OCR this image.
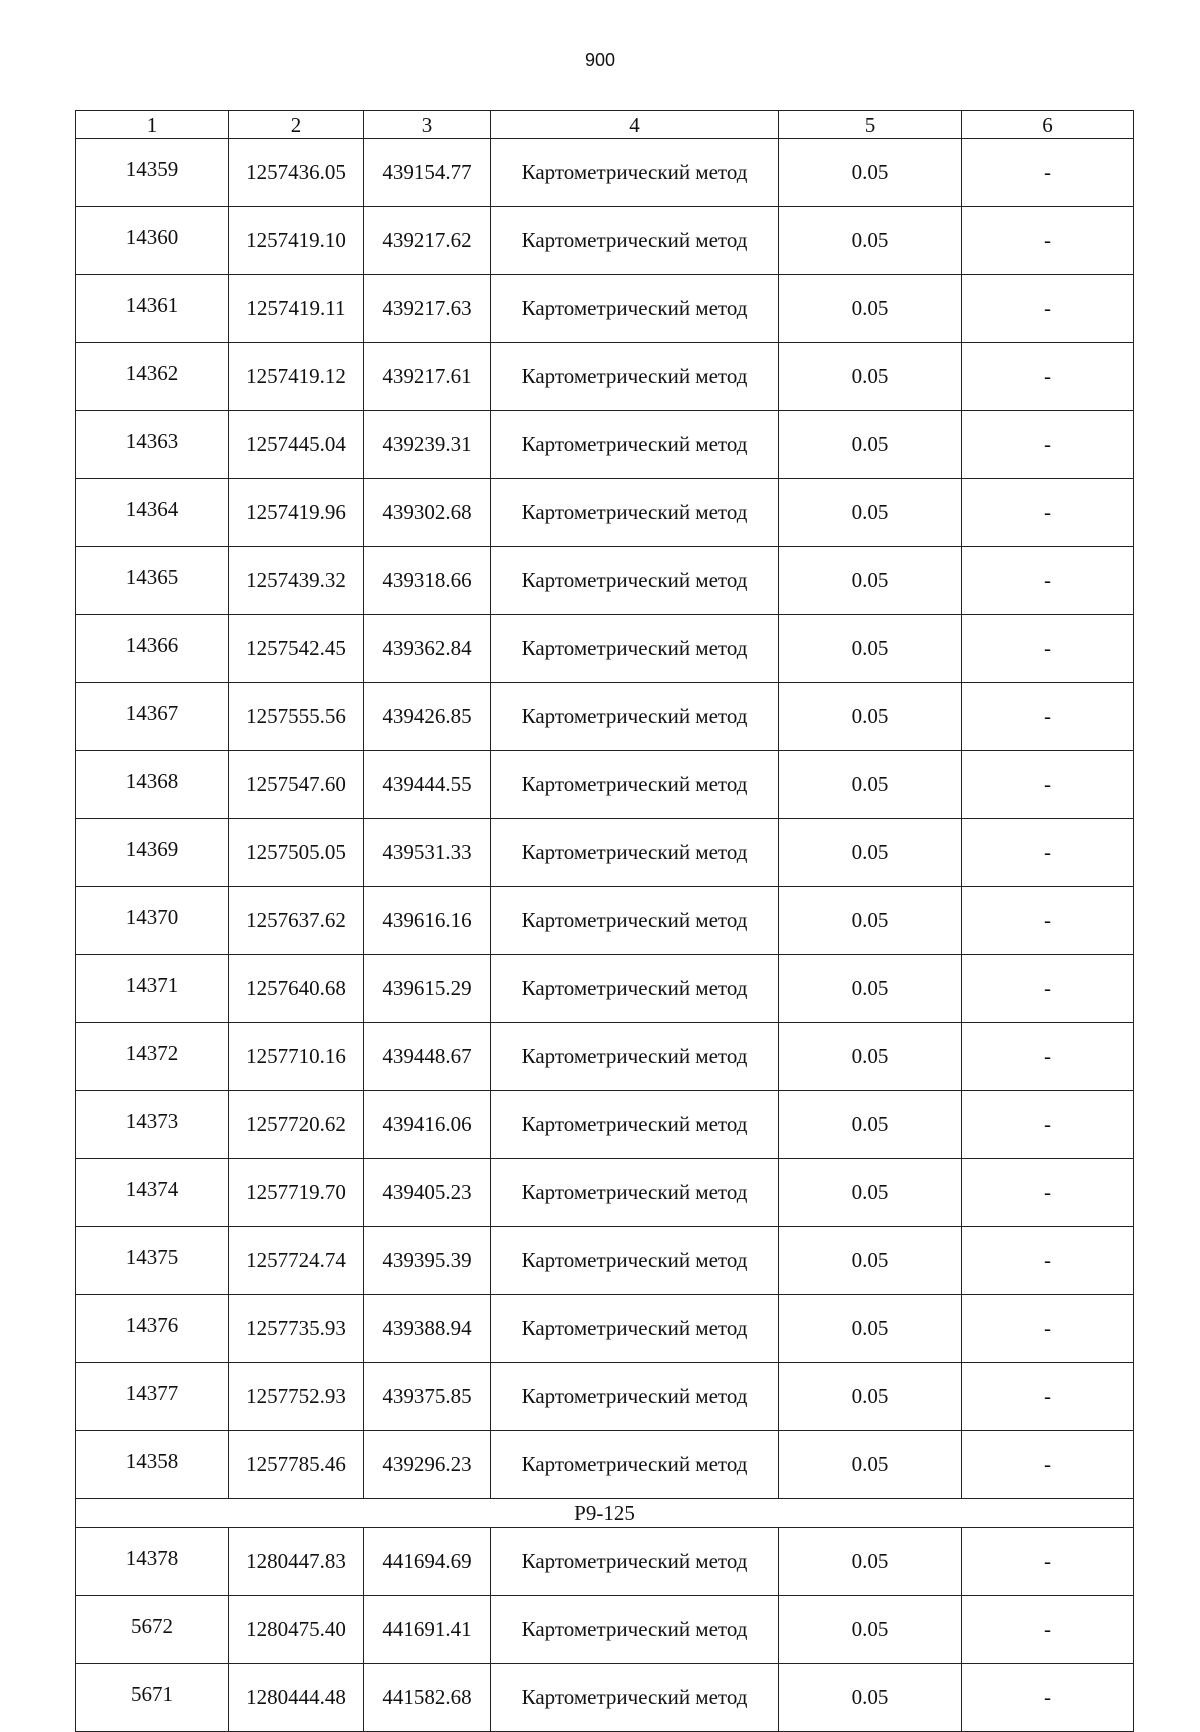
900
1	2	3	4	5	6
14359	1257436.05	439154.77	Картометрический метод	0.05	-
14360	1257419.10	439217.62	Картометрический метод	0.05	-
14361	1257419.11	439217.63	Картометрический метод	0.05	-
14362	1257419.12	439217.61	Картометрический метод	0.05	-
14363	1257445.04	439239.31	Картометрический метод	0.05	-
14364	1257419.96	439302.68	Картометрический метод	0.05	-
14365	1257439.32	439318.66	Картометрический метод	0.05	-
14366	1257542.45	439362.84	Картометрический метод	0.05	-
14367	1257555.56	439426.85	Картометрический метод	0.05	-
14368	1257547.60	439444.55	Картометрический метод	0.05	-
14369	1257505.05	439531.33	Картометрический метод	0.05	-
14370	1257637.62	439616.16	Картометрический метод	0.05	-
14371	1257640.68	439615.29	Картометрический метод	0.05	-
14372	1257710.16	439448.67	Картометрический метод	0.05	-
14373	1257720.62	439416.06	Картометрический метод	0.05	-
14374	1257719.70	439405.23	Картометрический метод	0.05	-
14375	1257724.74	439395.39	Картометрический метод	0.05	-
14376	1257735.93	439388.94	Картометрический метод	0.05	-
14377	1257752.93	439375.85	Картометрический метод	0.05	-
14358	1257785.46	439296.23	Картометрический метод	0.05	-
Р9-125					
14378	1280447.83	441694.69	Картометрический метод	0.05	-
5672	1280475.40	441691.41	Картометрический метод	0.05	-
5671	1280444.48	441582.68	Картометрический метод	0.05	-
